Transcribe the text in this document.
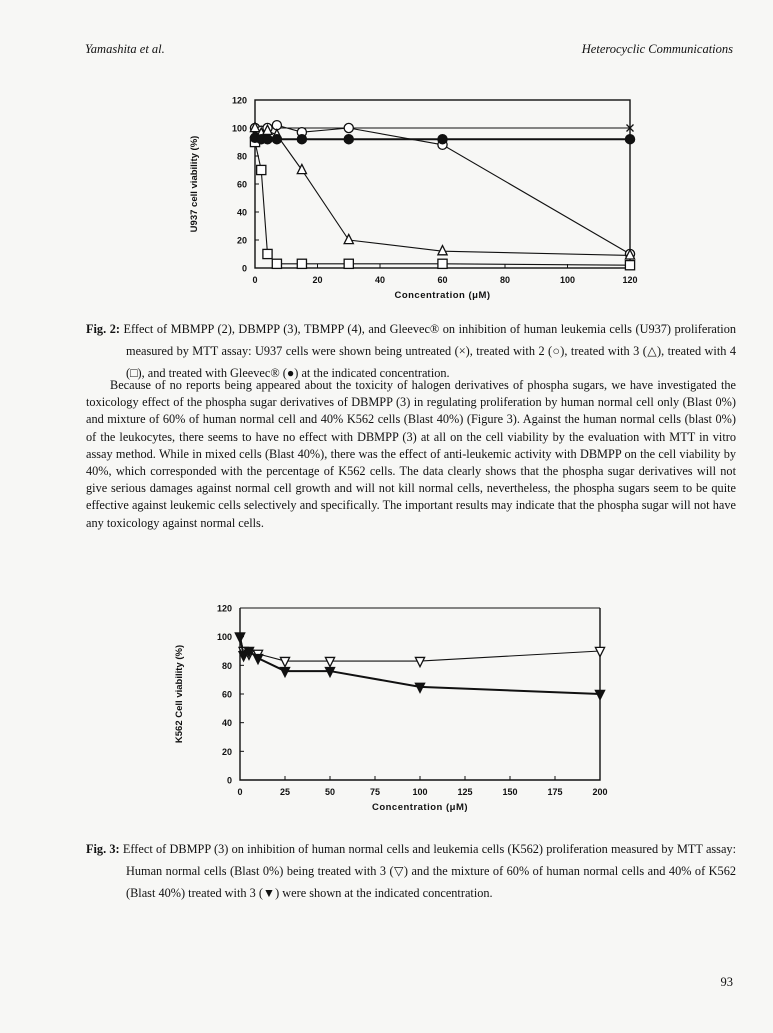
Yamashita et al.	Heterocyclic Communications
0
20
40
60
80
100
120
0	20	40	60	80	100	120
Concentration (μM)
U937 cell viability (%)
Fig. 2: Effect of MBMPP (2), DBMPP (3), TBMPP (4), and Gleevec® on inhibition of human leukemia cells (U937) proliferation measured by MTT assay: U937 cells were shown being untreated (×), treated with 2 (○), treated with 3 (△), treated with 4 (□), and treated with Gleevec® (●) at the indicated concentration.

Because of no reports being appeared about the toxicity of halogen derivatives of phospha sugars, we have investigated the toxicology effect of the phospha sugar derivatives of DBMPP (3) in regulating proliferation by human normal cell only (Blast 0%) and mixture of 60% of human normal cell and 40% K562 cells (Blast 40%) (Figure 3). Against the human normal cells (blast 0%) of the leukocytes, there seems to have no effect with DBMPP (3) at all on the cell viability by the evaluation with MTT in vitro assay method. While in mixed cells (Blast 40%), there was the effect of anti-leukemic activity with DBMPP on the cell viability by 40%, which corresponded with the percentage of K562 cells. The data clearly shows that the phospha sugar derivatives will not give serious damages against normal cell growth and will not kill normal cells, nevertheless, the phospha sugars seem to be quite effective against leukemic cells selectively and specifically. The important results may indicate that the phospha sugar will not have any toxicology against normal cells.

0
20
40
60
80
100
120
0	25	50	75	100	125	150	175	200
Concentration (μM)
K562 Cell viability (%)
Fig. 3: Effect of DBMPP (3) on inhibition of human normal cells and leukemia cells (K562) proliferation measured by MTT assay: Human normal cells (Blast 0%) being treated with 3 (▽) and the mixture of 60% of human normal cells and 40% of K562 (Blast 40%) treated with 3 (▼) were shown at the indicated concentration.
93
